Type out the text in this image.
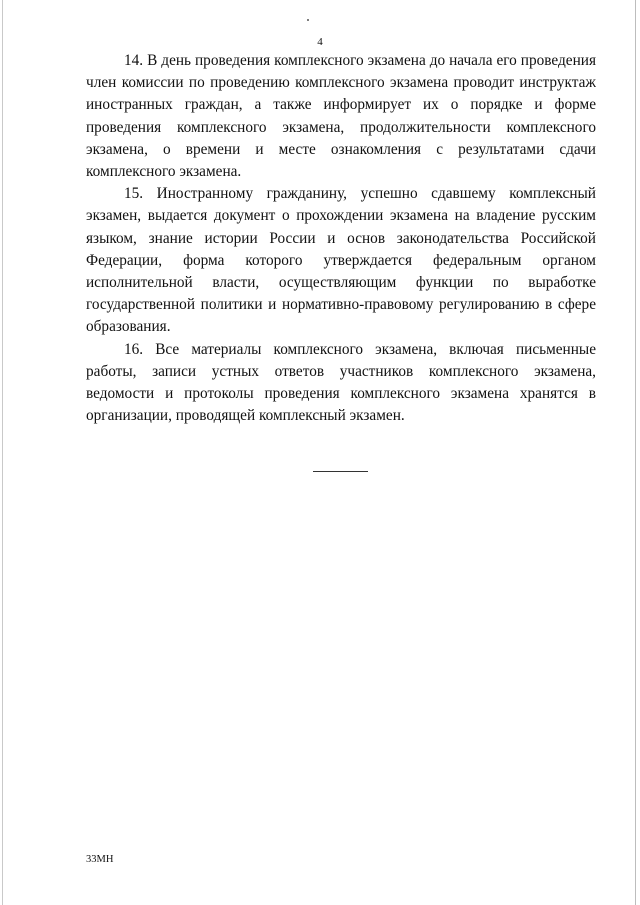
4

14. В день проведения комплексного экзамена до начала его проведения член комиссии по проведению комплексного экзамена проводит инструктаж иностранных граждан, а также информирует их о порядке и форме проведения комплексного экзамена, продолжительности комплексного экзамена, о времени и месте ознакомления с результатами сдачи комплексного экзамена.

15. Иностранному гражданину, успешно сдавшему комплексный экзамен, выдается документ о прохождении экзамена на владение русским языком, знание истории России и основ законодательства Российской Федерации, форма которого утверждается федеральным органом исполнительной власти, осуществляющим функции по выработке государственной политики и нормативно-правовому регулированию в сфере образования.

16. Все материалы комплексного экзамена, включая письменные работы, записи устных ответов участников комплексного экзамена, ведомости и протоколы проведения комплексного экзамена хранятся в организации, проводящей комплексный экзамен.

33МН
